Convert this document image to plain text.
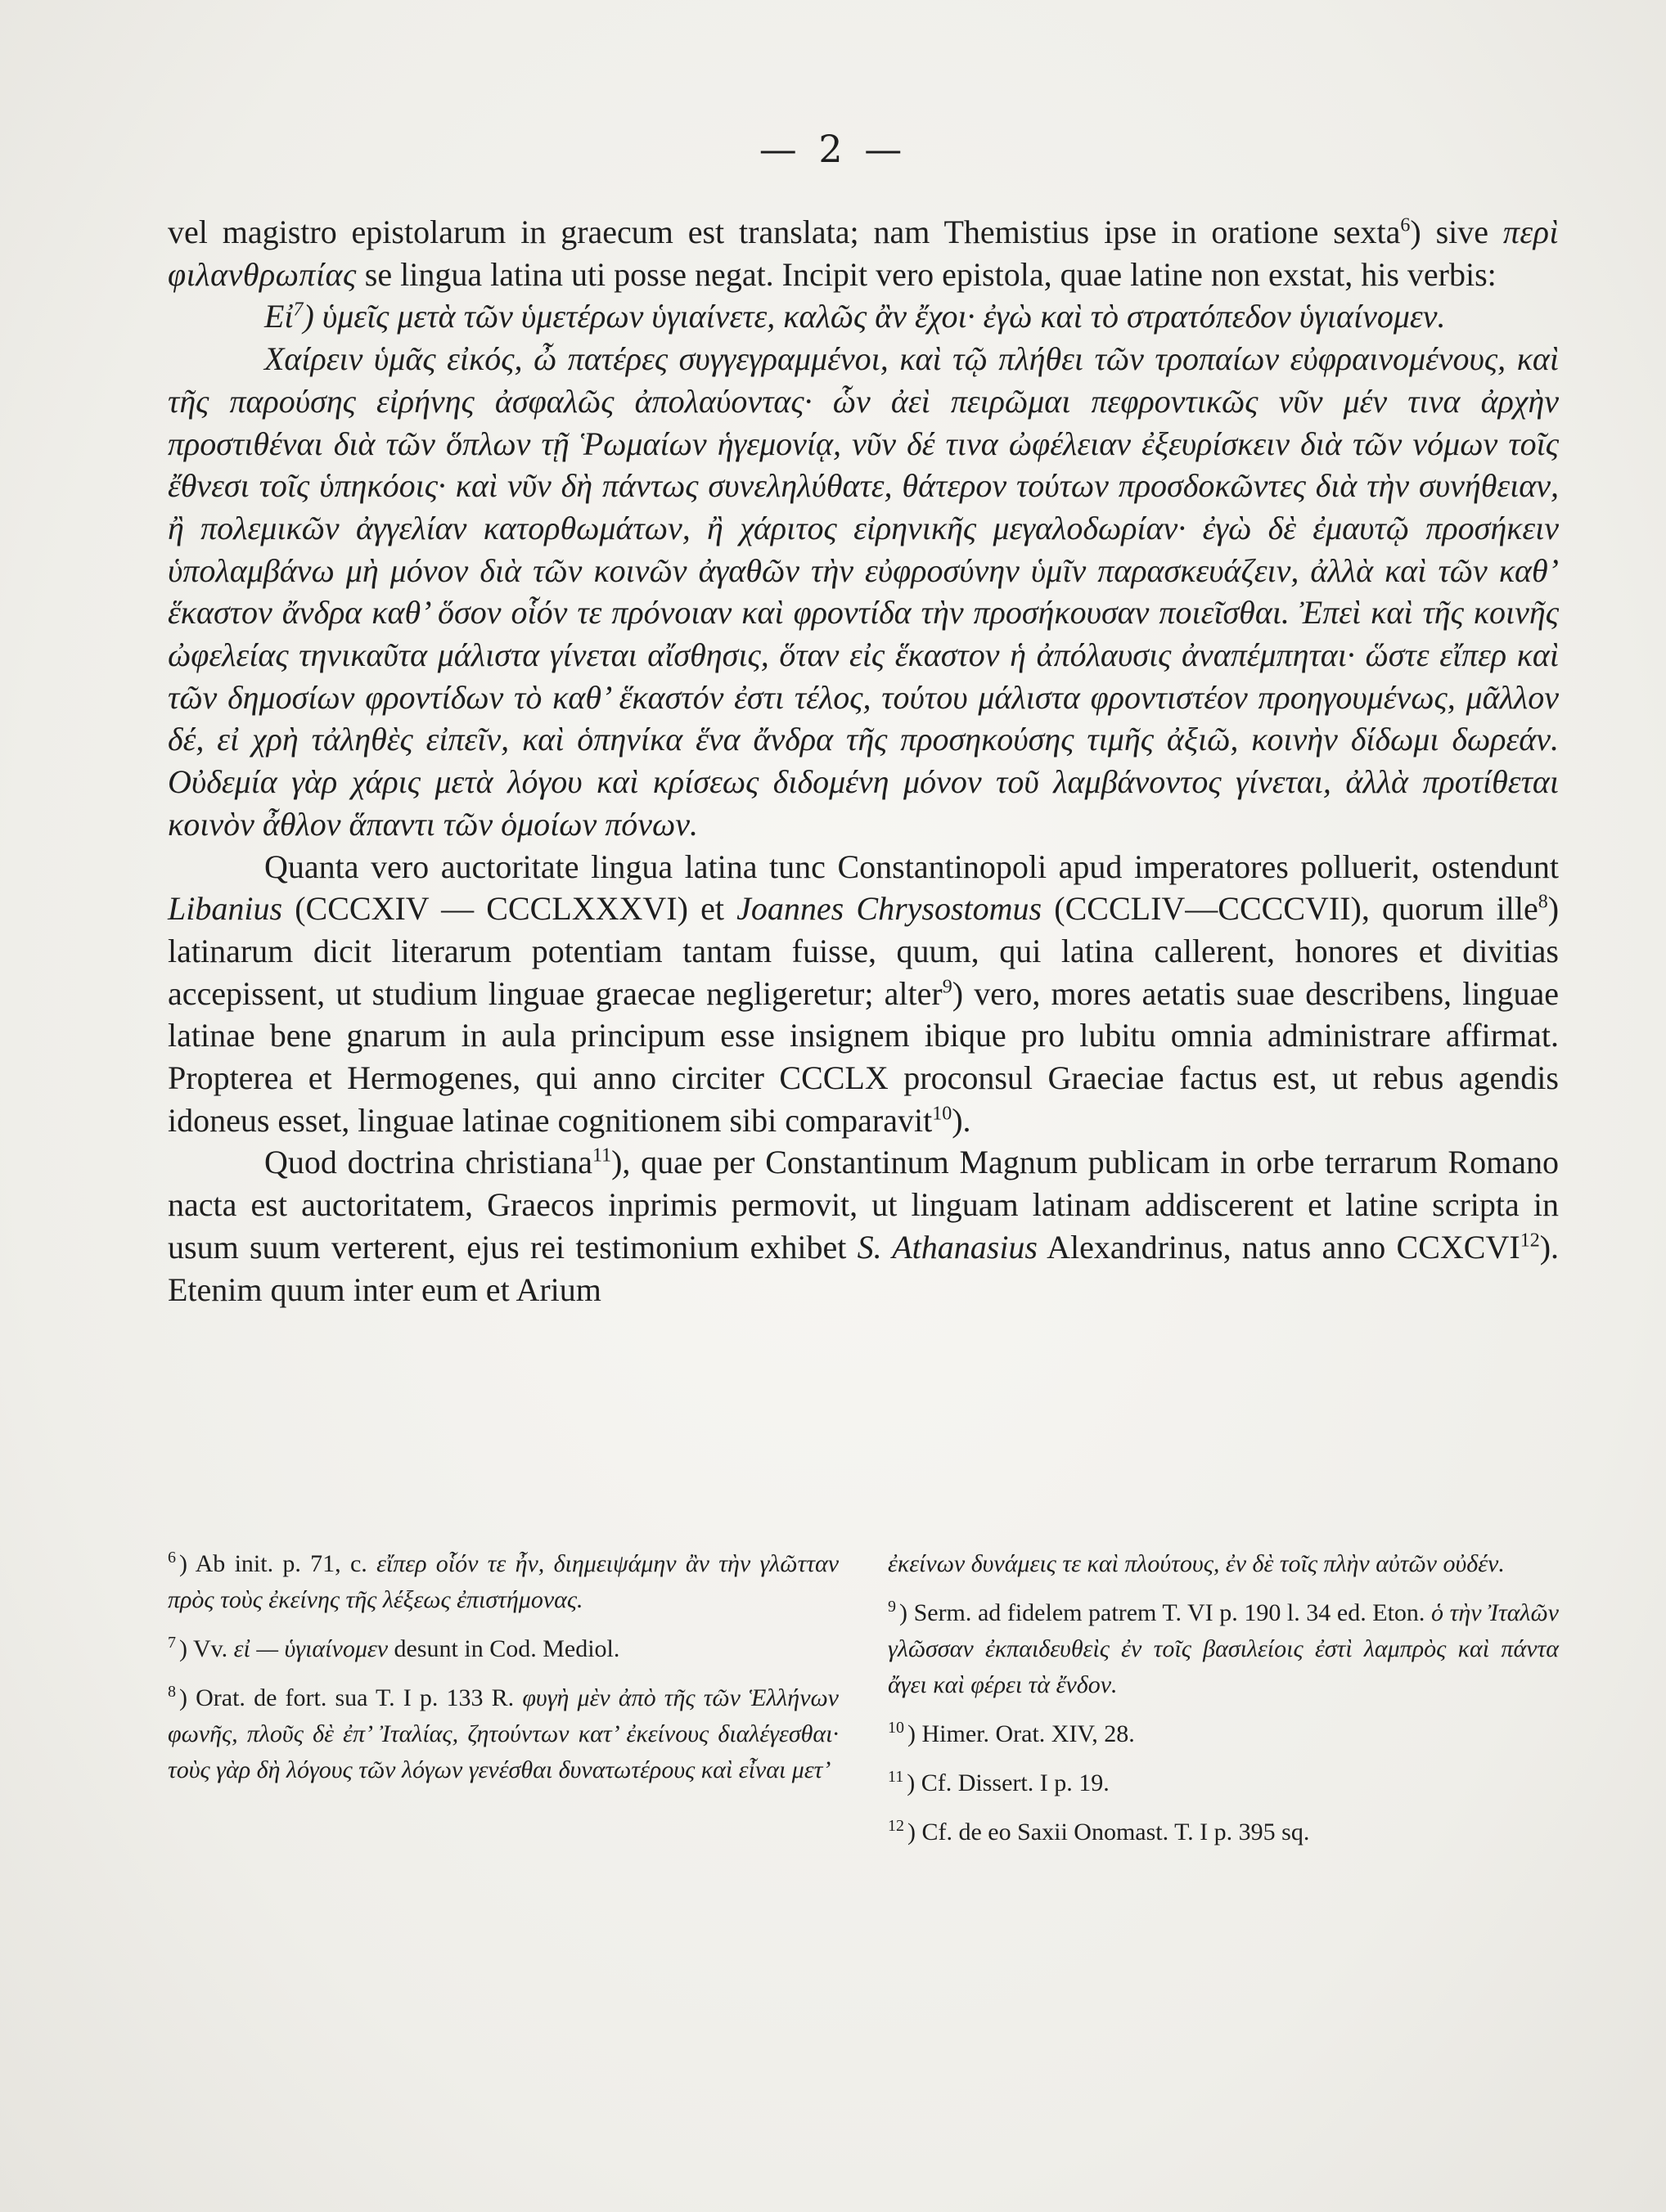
— 2 —

vel magistro epistolarum in graecum est translata; nam Themistius ipse in oratione sexta$^6$) sive περὶ φιλανθρωπίας se lingua latina uti posse negat. Incipit vero epistola, quae latine non exstat, his verbis:

Εἰ$^7$) ὑμεῖς μετὰ τῶν ὑμετέρων ὑγιαίνετε, καλῶς ἂν ἔχοι· ἐγὼ καὶ τὸ στρατόπεδον ὑγιαίνομεν.

Χαίρειν ὑμᾶς εἰκός, ὦ πατέρες συγγεγραμμένοι, καὶ τῷ πλήθει τῶν τροπαίων εὐφραινομένους, καὶ τῆς παρούσης εἰρήνης ἀσφαλῶς ἀπολαύοντας· ὧν ἀεὶ πειρῶμαι πεφροντικῶς νῦν μέν τινα ἀρχὴν προστιθέναι διὰ τῶν ὅπλων τῇ Ῥωμαίων ἡγεμονίᾳ, νῦν δέ τινα ὠφέλειαν ἐξευρίσκειν διὰ τῶν νόμων τοῖς ἔθνεσι τοῖς ὑπηκόοις· καὶ νῦν δὴ πάντως συνεληλύθατε, θάτερον τούτων προσδοκῶντες διὰ τὴν συνήθειαν, ἢ πολεμικῶν ἀγγελίαν κατορθωμάτων, ἢ χάριτος εἰρηνικῆς μεγαλοδωρίαν· ἐγὼ δὲ ἐμαυτῷ προσήκειν ὑπολαμβάνω μὴ μόνον διὰ τῶν κοινῶν ἀγαθῶν τὴν εὐφροσύνην ὑμῖν παρασκευάζειν, ἀλλὰ καὶ τῶν καθ’ ἕκαστον ἄνδρα καθ’ ὅσον οἷόν τε πρόνοιαν καὶ φροντίδα τὴν προσήκουσαν ποιεῖσθαι. Ἐπεὶ καὶ τῆς κοινῆς ὠφελείας τηνικαῦτα μάλιστα γίνεται αἴσθησις, ὅταν εἰς ἕκαστον ἡ ἀπόλαυσις ἀναπέμπηται· ὥστε εἴπερ καὶ τῶν δημοσίων φροντίδων τὸ καθ’ ἕκαστόν ἐστι τέλος, τούτου μάλιστα φροντιστέον προηγουμένως, μᾶλλον δέ, εἰ χρὴ τἀληθὲς εἰπεῖν, καὶ ὁπηνίκα ἕνα ἄνδρα τῆς προσηκούσης τιμῆς ἀξιῶ, κοινὴν δίδωμι δωρεάν. Οὐδεμία γὰρ χάρις μετὰ λόγου καὶ κρίσεως διδομένη μόνον τοῦ λαμβάνοντος γίνεται, ἀλλὰ προτίθεται κοινὸν ἆθλον ἅπαντι τῶν ὁμοίων πόνων.

Quanta vero auctoritate lingua latina tunc Constantinopoli apud imperatores polluerit, ostendunt Libanius (CCCXIV — CCCLXXXVI) et Joannes Chrysostomus (CCCLIV—CCCCVII), quorum ille$^8$) latinarum dicit literarum potentiam tantam fuisse, quum, qui latina callerent, honores et divitias accepissent, ut studium linguae graecae negligeretur; alter$^9$) vero, mores aetatis suae describens, linguae latinae bene gnarum in aula principum esse insignem ibique pro lubitu omnia administrare affirmat. Propterea et Hermogenes, qui anno circiter CCCLX proconsul Graeciae factus est, ut rebus agendis idoneus esset, linguae latinae cognitionem sibi comparavit$^{10}$).

Quod doctrina christiana$^{11}$), quae per Constantinum Magnum publicam in orbe terrarum Romano nacta est auctoritatem, Graecos inprimis permovit, ut linguam latinam addiscerent et latine scripta in usum suum verterent, ejus rei testimonium exhibet S. Athanasius Alexandrinus, natus anno CCXCVI$^{12}$). Etenim quum inter eum et Arium

$^6$ ) Ab init. p. 71, c. εἴπερ οἷόν τε ἦν, διημειψάμην ἂν τὴν γλῶτταν πρὸς τοὺς ἐκείνης τῆς λέξεως ἐπιστήμονας.

$^7$ ) Vv. εἰ — ὑγιαίνομεν desunt in Cod. Mediol.

$^8$ ) Orat. de fort. sua T. I p. 133 R. φυγὴ μὲν ἀπὸ τῆς τῶν Ἑλλήνων φωνῆς, πλοῦς δὲ ἐπ’ Ἰταλίας, ζητούντων κατ’ ἐκείνους διαλέγεσθαι· τοὺς γὰρ δὴ λόγους τῶν λόγων γενέσθαι δυνατωτέρους καὶ εἶναι μετ’

ἐκείνων δυνάμεις τε καὶ πλούτους, ἐν δὲ τοῖς πλὴν αὐτῶν οὐδέν.

$^9$ ) Serm. ad fidelem patrem T. VI p. 190 l. 34 ed. Eton. ὁ τὴν Ἰταλῶν γλῶσσαν ἐκπαιδευθεὶς ἐν τοῖς βασιλείοις ἐστὶ λαμπρὸς καὶ πάντα ἄγει καὶ φέρει τὰ ἔνδον.

$^{10}$ ) Himer. Orat. XIV, 28.

$^{11}$ ) Cf. Dissert. I p. 19.

$^{12}$ ) Cf. de eo Saxii Onomast. T. I p. 395 sq.
